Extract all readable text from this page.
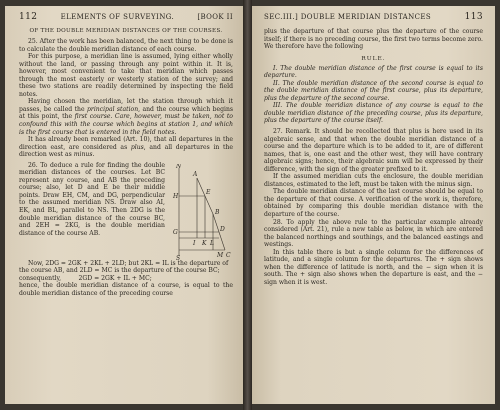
112	ELEMENTS OF SURVEYING.	[BOOK II
OF THE DOUBLE MERIDIAN DISTANCES OF THE COURSES.

25. After the work has been balanced, the next thing to be done is to calculate the double meridian distance of each course.

For this purpose, a meridian line is assumed, lying either wholly without the land, or passing through any point within it. It is, however, most convenient to take that meridian which passes through the most easterly or westerly station of the survey; and these two stations are readily determined by inspecting the field notes.

Having chosen the meridian, let the station through which it passes, be called the principal station, and the course which begins at this point, the first course. Care, however, must be taken, not to confound this with the course which begins at station 1, and which is the first course that is entered in the field notes.

It has already been remarked (Art. 10), that all departures in the direction east, are considered as plus, and all departures in the direction west as minus.

26. To deduce a rule for finding the double meridian distances of the courses. Let BC represent any course, and AB the preceding course; also, let D and E be their middle points. Draw EH, CM, and DG, perpendicular to the assumed meridian NS. Draw also AI, EK, and BL, parallel to NS. Then 2DG is the double meridian distance of the course BC, and 2EH = 2KG, is the double meridian distance of the course AB.

N
A
H
E
I K
B
G
L
D
M C
S

Now, 2DG = 2GK + 2KL + 2LD; but 2KL = IL is the departure of the course AB, and 2LD = MC is the departure of the course BC;

consequently,	2GD = 2GK + IL + MC;

hence, the double meridian distance of a course, is equal to the double meridian distance of the preceding course

SEC.III.] DOUBLE MERIDIAN DISTANCES	113

plus the departure of that course plus the departure of the course itself; if there is no preceding course, the first two terms become zero. We therefore have the following

RULE.

I. The double meridian distance of the first course is equal to its departure.

II. The double meridian distance of the second course is equal to the double meridian distance of the first course, plus its departure, plus the departure of the second course.

III. The double meridian distance of any course is equal to the double meridian distance of the preceding course, plus its departure, plus the departure of the course itself.

27. Remark. It should be recollected that plus is here used in its algebraic sense, and that when the double meridian distance of a course and the departure which is to be added to it, are of different names, that is, one east and the other west, they will have contrary algebraic signs; hence, their algebraic sum will be expressed by their difference, with the sign of the greater prefixed to it.

If the assumed meridian cuts the enclosure, the double meridian distances, estimated to the left, must be taken with the minus sign.

The double meridian distance of the last course should be equal to the departure of that course. A verification of the work is, therefore, obtained by comparing this double meridian distance with the departure of the course.

28. To apply the above rule to the particular example already considered (Art. 21), rule a new table as below, in which are entered the balanced northings and southings, and the balanced eastings and westings.

In this table there is but a single column for the differences of latitude, and a single column for the departures. The + sign shows when the difference of latitude is north, and the − sign when it is south. The + sign also shows when the departure is east, and the − sign when it is west.
